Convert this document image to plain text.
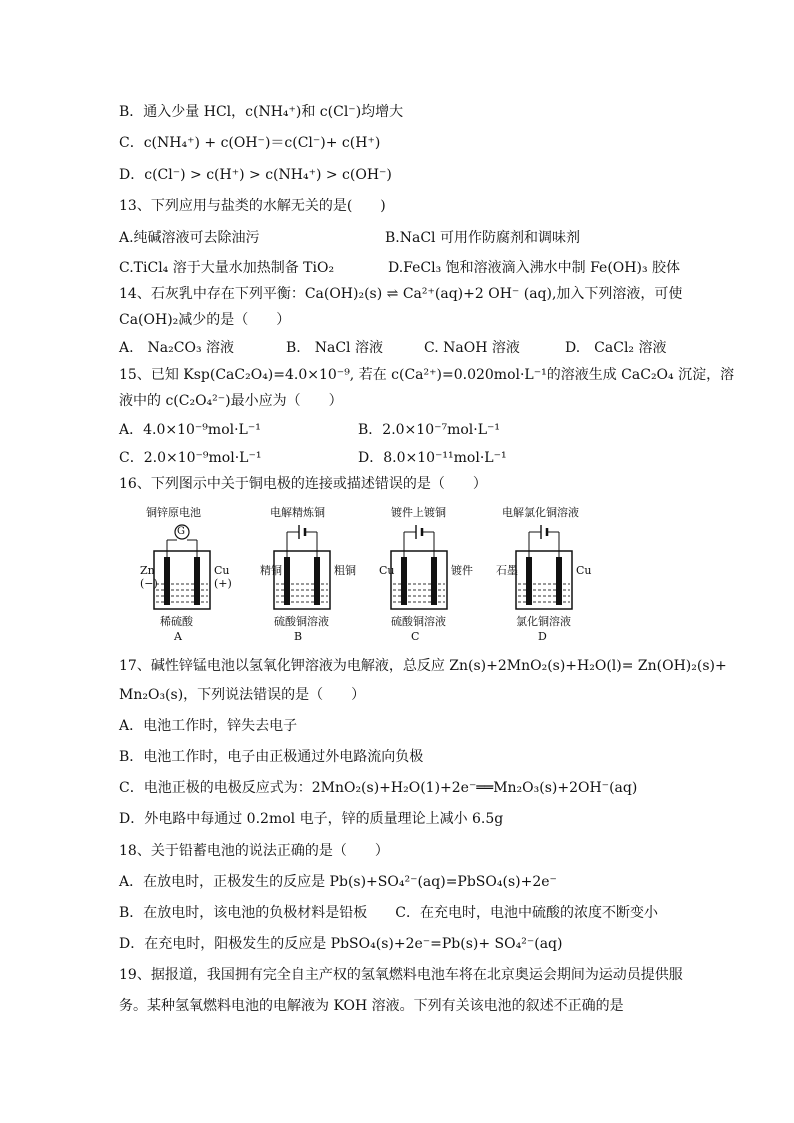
B．通入少量 HCl，c(NH₄⁺)和 c(Cl⁻)均增大
C．c(NH₄⁺) + c(OH⁻)＝c(Cl⁻)+ c(H⁺)
D．c(Cl⁻) > c(H⁺) > c(NH₄⁺) > c(OH⁻)
13、下列应用与盐类的水解无关的是(　　)
A.纯碱溶液可去除油污	B.NaCl 可用作防腐剂和调味剂
C.TiCl₄ 溶于大量水加热制备 TiO₂	D.FeCl₃ 饱和溶液滴入沸水中制 Fe(OH)₃ 胶体
14、石灰乳中存在下列平衡：Ca(OH)₂(s) ⇌ Ca²⁺(aq)+2 OH⁻ (aq),加入下列溶液，可使
Ca(OH)₂减少的是（　　）
A.　Na₂CO₃ 溶液	B.　NaCl 溶液	C. NaOH 溶液	D.　CaCl₂ 溶液
15、已知 Ksp(CaC₂O₄)=4.0×10⁻⁹, 若在 c(Ca²⁺)=0.020mol·L⁻¹的溶液生成 CaC₂O₄ 沉淀，溶
液中的 c(C₂O₄²⁻)最小应为（　　）
A．4.0×10⁻⁹mol·L⁻¹	B．2.0×10⁻⁷mol·L⁻¹
C．2.0×10⁻⁹mol·L⁻¹	D．8.0×10⁻¹¹mol·L⁻¹
16、下列图示中关于铜电极的连接或描述错误的是（　　）
铜锌原电池
G
Zn
(−)
Cu
(+)
稀硫酸
A
电解精炼铜
精铜	粗铜
硫酸铜溶液
B
镀件上镀铜
Cu	镀件
硫酸铜溶液
C
电解氯化铜溶液
石墨	Cu
氯化铜溶液
D
17、碱性锌锰电池以氢氧化钾溶液为电解液，总反应 Zn(s)+2MnO₂(s)+H₂O(l)= Zn(OH)₂(s)+
Mn₂O₃(s)，下列说法错误的是（　　）
A．电池工作时，锌失去电子
B．电池工作时，电子由正极通过外电路流向负极
C．电池正极的电极反应式为：2MnO₂(s)+H₂O(1)+2e⁻══Mn₂O₃(s)+2OH⁻(aq)
D．外电路中每通过 0.2mol 电子，锌的质量理论上减小 6.5g
18、关于铅蓄电池的说法正确的是（　　）
A．在放电时，正极发生的反应是 Pb(s)+SO₄²⁻(aq)=PbSO₄(s)+2e⁻
B．在放电时，该电池的负极材料是铅板　　C．在充电时，电池中硫酸的浓度不断变小
D．在充电时，阳极发生的反应是 PbSO₄(s)+2e⁻=Pb(s)+ SO₄²⁻(aq)
19、据报道，我国拥有完全自主产权的氢氧燃料电池车将在北京奥运会期间为运动员提供服
务。某种氢氧燃料电池的电解液为 KOH 溶液。下列有关该电池的叙述不正确的是
